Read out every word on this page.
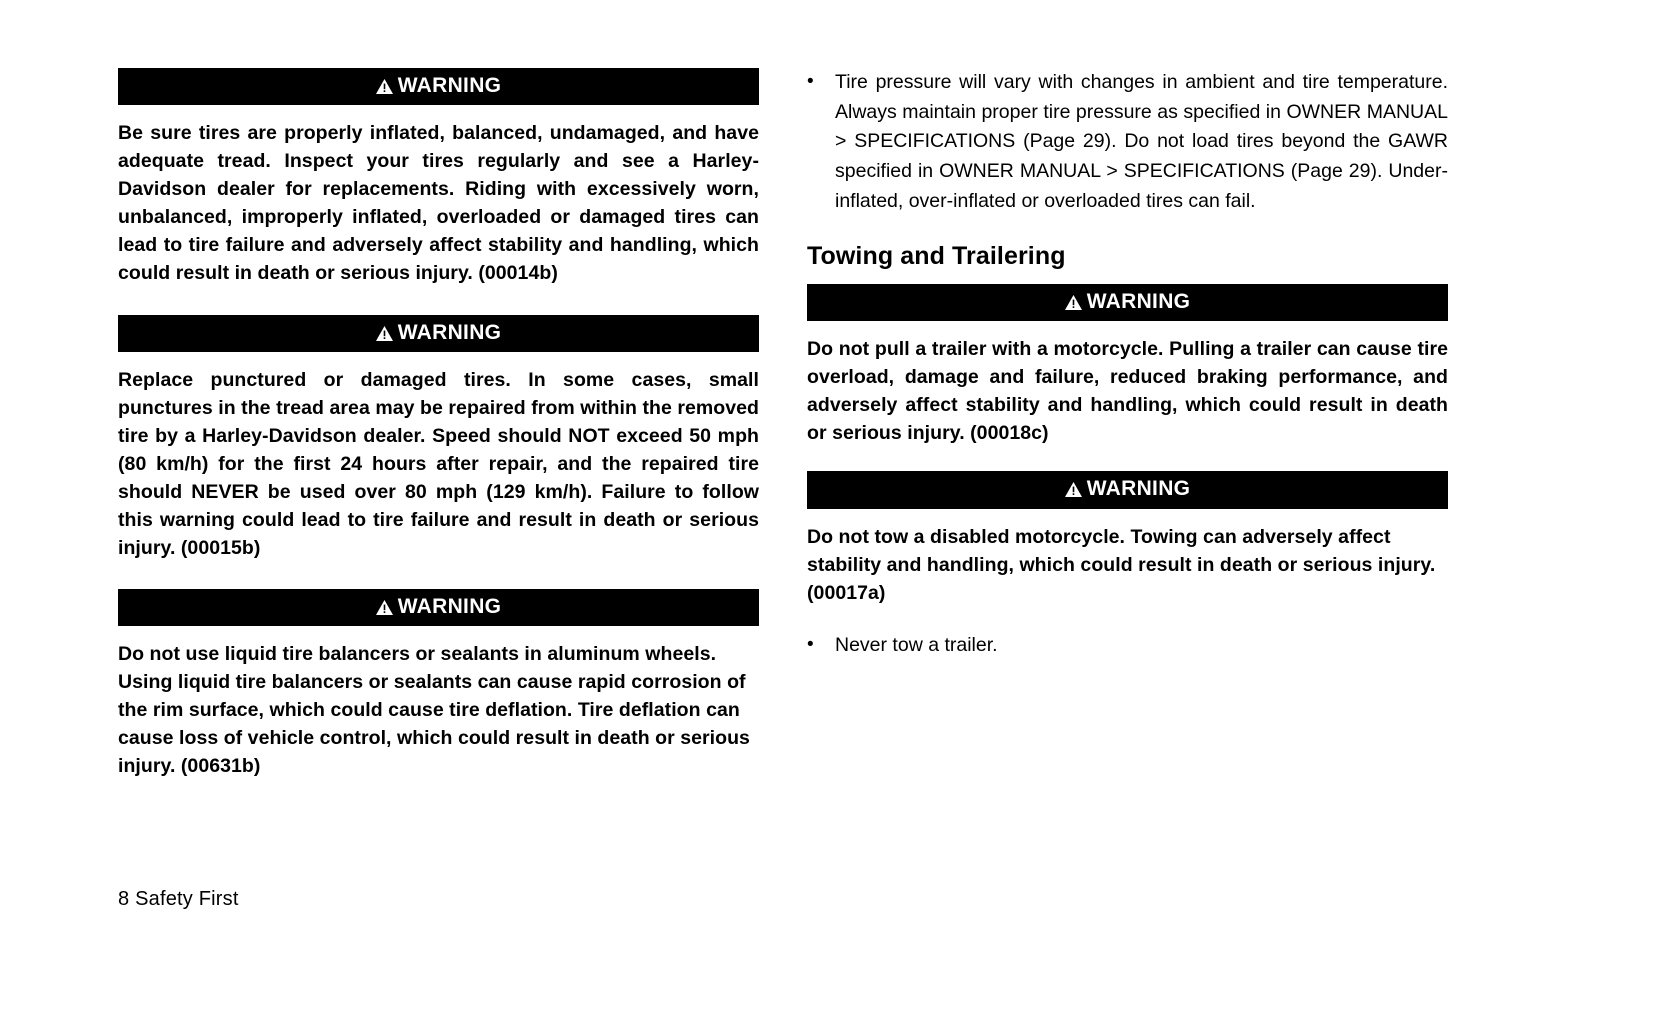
WARNING

Be sure tires are properly inflated, balanced, undamaged, and have adequate tread. Inspect your tires regularly and see a Harley-Davidson dealer for replacements. Riding with excessively worn, unbalanced, improperly inflated, overloaded or damaged tires can lead to tire failure and adversely affect stability and handling, which could result in death or serious injury. (00014b)

WARNING

Replace punctured or damaged tires. In some cases, small punctures in the tread area may be repaired from within the removed tire by a Harley-Davidson dealer. Speed should NOT exceed 50 mph (80 km/h) for the first 24 hours after repair, and the repaired tire should NEVER be used over 80 mph (129 km/h). Failure to follow this warning could lead to tire failure and result in death or serious injury. (00015b)

WARNING

Do not use liquid tire balancers or sealants in aluminum wheels. Using liquid tire balancers or sealants can cause rapid corrosion of the rim surface, which could cause tire deflation. Tire deflation can cause loss of vehicle control, which could result in death or serious injury. (00631b)

•	Tire pressure will vary with changes in ambient and tire temperature. Always maintain proper tire pressure as specified in OWNER MANUAL > SPECIFICATIONS (Page 29). Do not load tires beyond the GAWR specified in OWNER MANUAL > SPECIFICATIONS (Page 29). Under-inflated, over-inflated or overloaded tires can fail.
Towing and Trailering
WARNING

Do not pull a trailer with a motorcycle. Pulling a trailer can cause tire overload, damage and failure, reduced braking performance, and adversely affect stability and handling, which could result in death or serious injury. (00018c)

WARNING

Do not tow a disabled motorcycle. Towing can adversely affect stability and handling, which could result in death or serious injury. (00017a)

•	Never tow a trailer.
8 Safety First
